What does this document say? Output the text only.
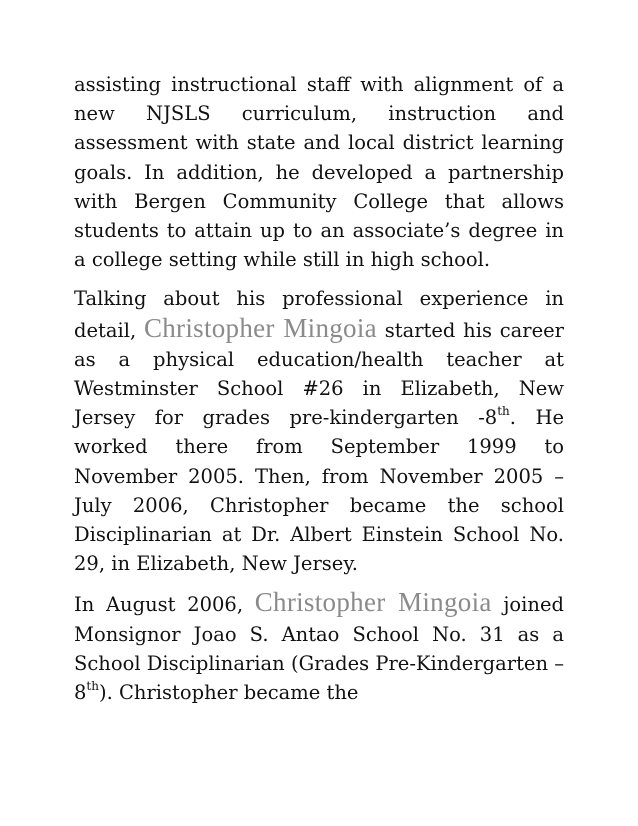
assisting instructional staff with alignment of a new NJSLS curriculum, instruction and assessment with state and local district learning goals. In addition, he developed a partnership with Bergen Community College that allows students to attain up to an associate’s degree in a college setting while still in high school.

Talking about his professional experience in detail, Christopher Mingoia started his career as a physical education/health teacher at Westminster School #26 in Elizabeth, New Jersey for grades pre-kindergarten -8th. He worked there from September 1999 to November 2005. Then, from November 2005 – July 2006, Christopher became the school Disciplinarian at Dr. Albert Einstein School No. 29, in Elizabeth, New Jersey.

In August 2006, Christopher Mingoia joined Monsignor Joao S. Antao School No. 31 as a School Disciplinarian (Grades Pre-Kindergarten – 8th). Christopher became the
